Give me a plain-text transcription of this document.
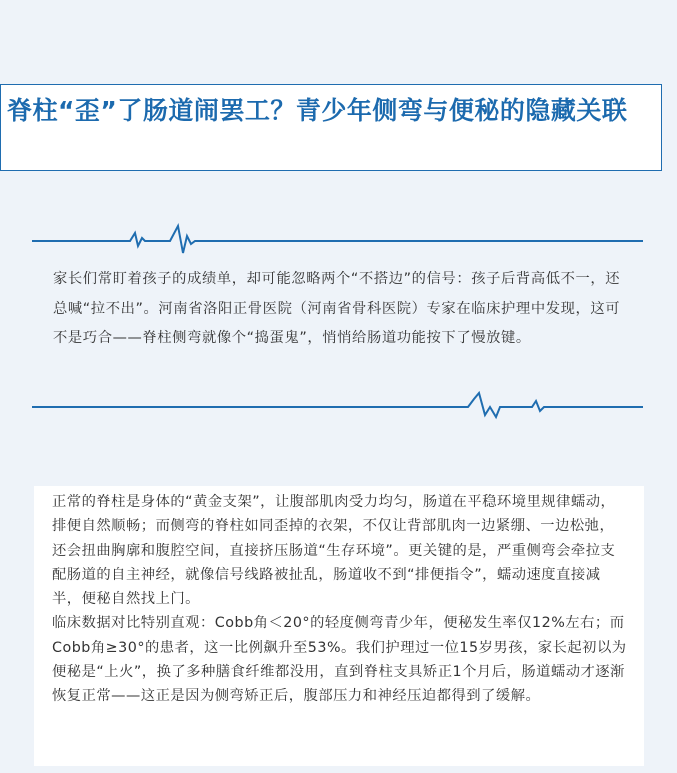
脊柱“歪”了肠道闹罢工？青少年侧弯与便秘的隐藏关联

家长们常盯着孩子的成绩单，却可能忽略两个“不搭边”的信号：孩子后背高低不一，还总喊“拉不出”。河南省洛阳正骨医院（河南省骨科医院）专家在临床护理中发现，这可不是巧合——脊柱侧弯就像个“捣蛋鬼”，悄悄给肠道功能按下了慢放键。

正常的脊柱是身体的“黄金支架”，让腹部肌肉受力均匀，肠道在平稳环境里规律蠕动，排便自然顺畅；而侧弯的脊柱如同歪掉的衣架，不仅让背部肌肉一边紧绷、一边松弛，还会扭曲胸廓和腹腔空间，直接挤压肠道“生存环境”。更关键的是，严重侧弯会牵拉支配肠道的自主神经，就像信号线路被扯乱，肠道收不到“排便指令”，蠕动速度直接减半，便秘自然找上门。

临床数据对比特别直观：Cobb角＜20°的轻度侧弯青少年，便秘发生率仅12%左右；而Cobb角≥30°的患者，这一比例飙升至53%。我们护理过一位15岁男孩，家长起初以为便秘是“上火”，换了多种膳食纤维都没用，直到脊柱支具矫正1个月后，肠道蠕动才逐渐恢复正常——这正是因为侧弯矫正后，腹部压力和神经压迫都得到了缓解。
